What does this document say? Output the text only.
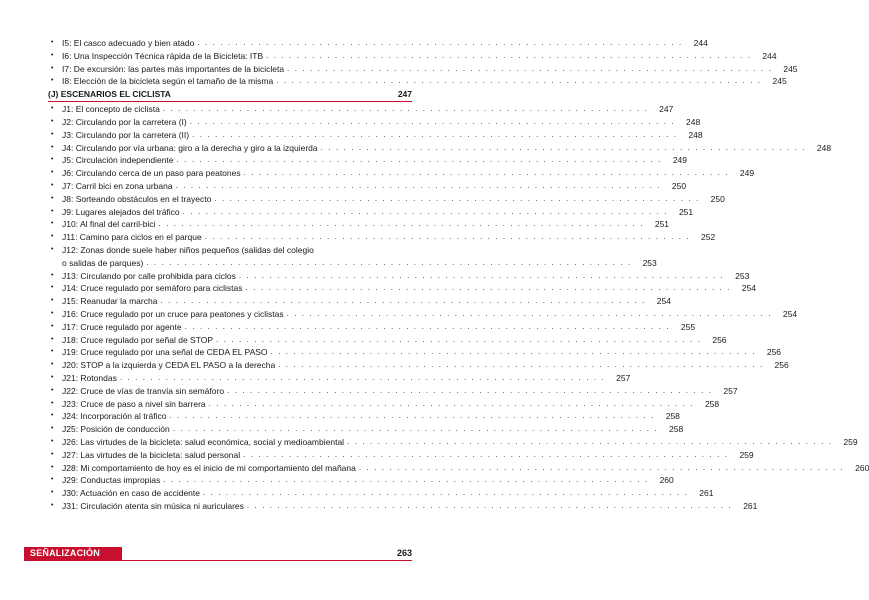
•	I5: El casco adecuado y bien atado . . . . . . . . . . . . . . . . . . . . . . . . . . . . . . . . . . . . . . . . . . . . . . . . . . . . . . . . . . . . . . . .	244
•	I6: Una Inspección Técnica rápida de la Bicicleta: ITB . . . . . . . . . . . . . . . . . . . . . . . . . . . . . . . . . . . . . . . . . . . . . . . . . . . . . . . . . . . . . . . .	244
•	I7: De excursión: las partes más importantes de la bicicleta . . . . . . . . . . . . . . . . . . . . . . . . . . . . . . . . . . . . . . . . . . . . . . . . . . . . . . . . . . . . . . . .	245
•	I8: Elección de la bicicleta según el tamaño de la misma . . . . . . . . . . . . . . . . . . . . . . . . . . . . . . . . . . . . . . . . . . . . . . . . . . . . . . . . . . . . . . . .	245
(J) ESCENARIOS EL CICLISTA	247
•	J1: El concepto de ciclista . . . . . . . . . . . . . . . . . . . . . . . . . . . . . . . . . . . . . . . . . . . . . . . . . . . . . . . . . . . . . . . .	247
•	J2: Circulando por la carretera (I) . . . . . . . . . . . . . . . . . . . . . . . . . . . . . . . . . . . . . . . . . . . . . . . . . . . . . . . . . . . . . . . .	248
•	J3: Circulando por la carretera (II) . . . . . . . . . . . . . . . . . . . . . . . . . . . . . . . . . . . . . . . . . . . . . . . . . . . . . . . . . . . . . . . .	248
•	J4: Circulando por vía urbana: giro a la derecha y giro a la izquierda . . . . . . . . . . . . . . . . . . . . . . . . . . . . . . . . . . . . . . . . . . . . . . . . . . . . . . . . . . . . . . . .	248
•	J5: Circulación independiente . . . . . . . . . . . . . . . . . . . . . . . . . . . . . . . . . . . . . . . . . . . . . . . . . . . . . . . . . . . . . . . .	249
•	J6: Circulando cerca de un paso para peatones . . . . . . . . . . . . . . . . . . . . . . . . . . . . . . . . . . . . . . . . . . . . . . . . . . . . . . . . . . . . . . . .	249
•	J7: Carril bici en zona urbana . . . . . . . . . . . . . . . . . . . . . . . . . . . . . . . . . . . . . . . . . . . . . . . . . . . . . . . . . . . . . . . .	250
•	J8: Sorteando obstáculos en el trayecto . . . . . . . . . . . . . . . . . . . . . . . . . . . . . . . . . . . . . . . . . . . . . . . . . . . . . . . . . . . . . . . .	250
•	J9: Lugares alejados del tráfico . . . . . . . . . . . . . . . . . . . . . . . . . . . . . . . . . . . . . . . . . . . . . . . . . . . . . . . . . . . . . . . .	251
•	J10: Al final del carril-bici . . . . . . . . . . . . . . . . . . . . . . . . . . . . . . . . . . . . . . . . . . . . . . . . . . . . . . . . . . . . . . . .	251
•	J11: Camino para ciclos en el parque . . . . . . . . . . . . . . . . . . . . . . . . . . . . . . . . . . . . . . . . . . . . . . . . . . . . . . . . . . . . . . . .	252
•	J12: Zonas donde suele haber niños pequeños (salidas del colegio
o salidas de parques) . . . . . . . . . . . . . . . . . . . . . . . . . . . . . . . . . . . . . . . . . . . . . . . . . . . . . . . . . . . . . . . .	253
•	J13: Circulando por calle prohibida para ciclos . . . . . . . . . . . . . . . . . . . . . . . . . . . . . . . . . . . . . . . . . . . . . . . . . . . . . . . . . . . . . . . .	253
•	J14: Cruce regulado por semáforo para ciclistas . . . . . . . . . . . . . . . . . . . . . . . . . . . . . . . . . . . . . . . . . . . . . . . . . . . . . . . . . . . . . . . .	254
•	J15: Reanudar la marcha . . . . . . . . . . . . . . . . . . . . . . . . . . . . . . . . . . . . . . . . . . . . . . . . . . . . . . . . . . . . . . . .	254
•	J16: Cruce regulado por un cruce para peatones y ciclistas . . . . . . . . . . . . . . . . . . . . . . . . . . . . . . . . . . . . . . . . . . . . . . . . . . . . . . . . . . . . . . . .	254
•	J17: Cruce regulado por agente . . . . . . . . . . . . . . . . . . . . . . . . . . . . . . . . . . . . . . . . . . . . . . . . . . . . . . . . . . . . . . . .	255
•	J18: Cruce regulado por señal de STOP . . . . . . . . . . . . . . . . . . . . . . . . . . . . . . . . . . . . . . . . . . . . . . . . . . . . . . . . . . . . . . . .	256
•	J19: Cruce regulado por una señal de CEDA EL PASO . . . . . . . . . . . . . . . . . . . . . . . . . . . . . . . . . . . . . . . . . . . . . . . . . . . . . . . . . . . . . . . .	256
•	J20: STOP a la izquierda y CEDA EL PASO a la derecha . . . . . . . . . . . . . . . . . . . . . . . . . . . . . . . . . . . . . . . . . . . . . . . . . . . . . . . . . . . . . . . .	256
•	J21: Rotondas . . . . . . . . . . . . . . . . . . . . . . . . . . . . . . . . . . . . . . . . . . . . . . . . . . . . . . . . . . . . . . . .	257
•	J22: Cruce de vías de tranvía sin semáforo . . . . . . . . . . . . . . . . . . . . . . . . . . . . . . . . . . . . . . . . . . . . . . . . . . . . . . . . . . . . . . . .	257
•	J23: Cruce de paso a nivel sin barrera . . . . . . . . . . . . . . . . . . . . . . . . . . . . . . . . . . . . . . . . . . . . . . . . . . . . . . . . . . . . . . . .	258
•	J24: Incorporación al tráfico . . . . . . . . . . . . . . . . . . . . . . . . . . . . . . . . . . . . . . . . . . . . . . . . . . . . . . . . . . . . . . . .	258
•	J25: Posición de conducción . . . . . . . . . . . . . . . . . . . . . . . . . . . . . . . . . . . . . . . . . . . . . . . . . . . . . . . . . . . . . . . .	258
•	J26: Las virtudes de la bicicleta: salud económica, social y medioambiental . . . . . . . . . . . . . . . . . . . . . . . . . . . . . . . . . . . . . . . . . . . . . . . . . . . . . . . . . . . . . . . .	259
•	J27: Las virtudes de la bicicleta: salud personal . . . . . . . . . . . . . . . . . . . . . . . . . . . . . . . . . . . . . . . . . . . . . . . . . . . . . . . . . . . . . . . .	259
•	J28: Mi comportamiento de hoy es el inicio de mi comportamiento del mañana . . . . . . . . . . . . . . . . . . . . . . . . . . . . . . . . . . . . . . . . . . . . . . . . . . . . . . . . . . . . . . . .	260
•	J29: Conductas impropias . . . . . . . . . . . . . . . . . . . . . . . . . . . . . . . . . . . . . . . . . . . . . . . . . . . . . . . . . . . . . . . .	260
•	J30: Actuación en caso de accidente . . . . . . . . . . . . . . . . . . . . . . . . . . . . . . . . . . . . . . . . . . . . . . . . . . . . . . . . . . . . . . . .	261
•	J31: Circulación atenta sin música ni auriculares . . . . . . . . . . . . . . . . . . . . . . . . . . . . . . . . . . . . . . . . . . . . . . . . . . . . . . . . . . . . . . . .	261
SEÑALIZACIÓN	263
